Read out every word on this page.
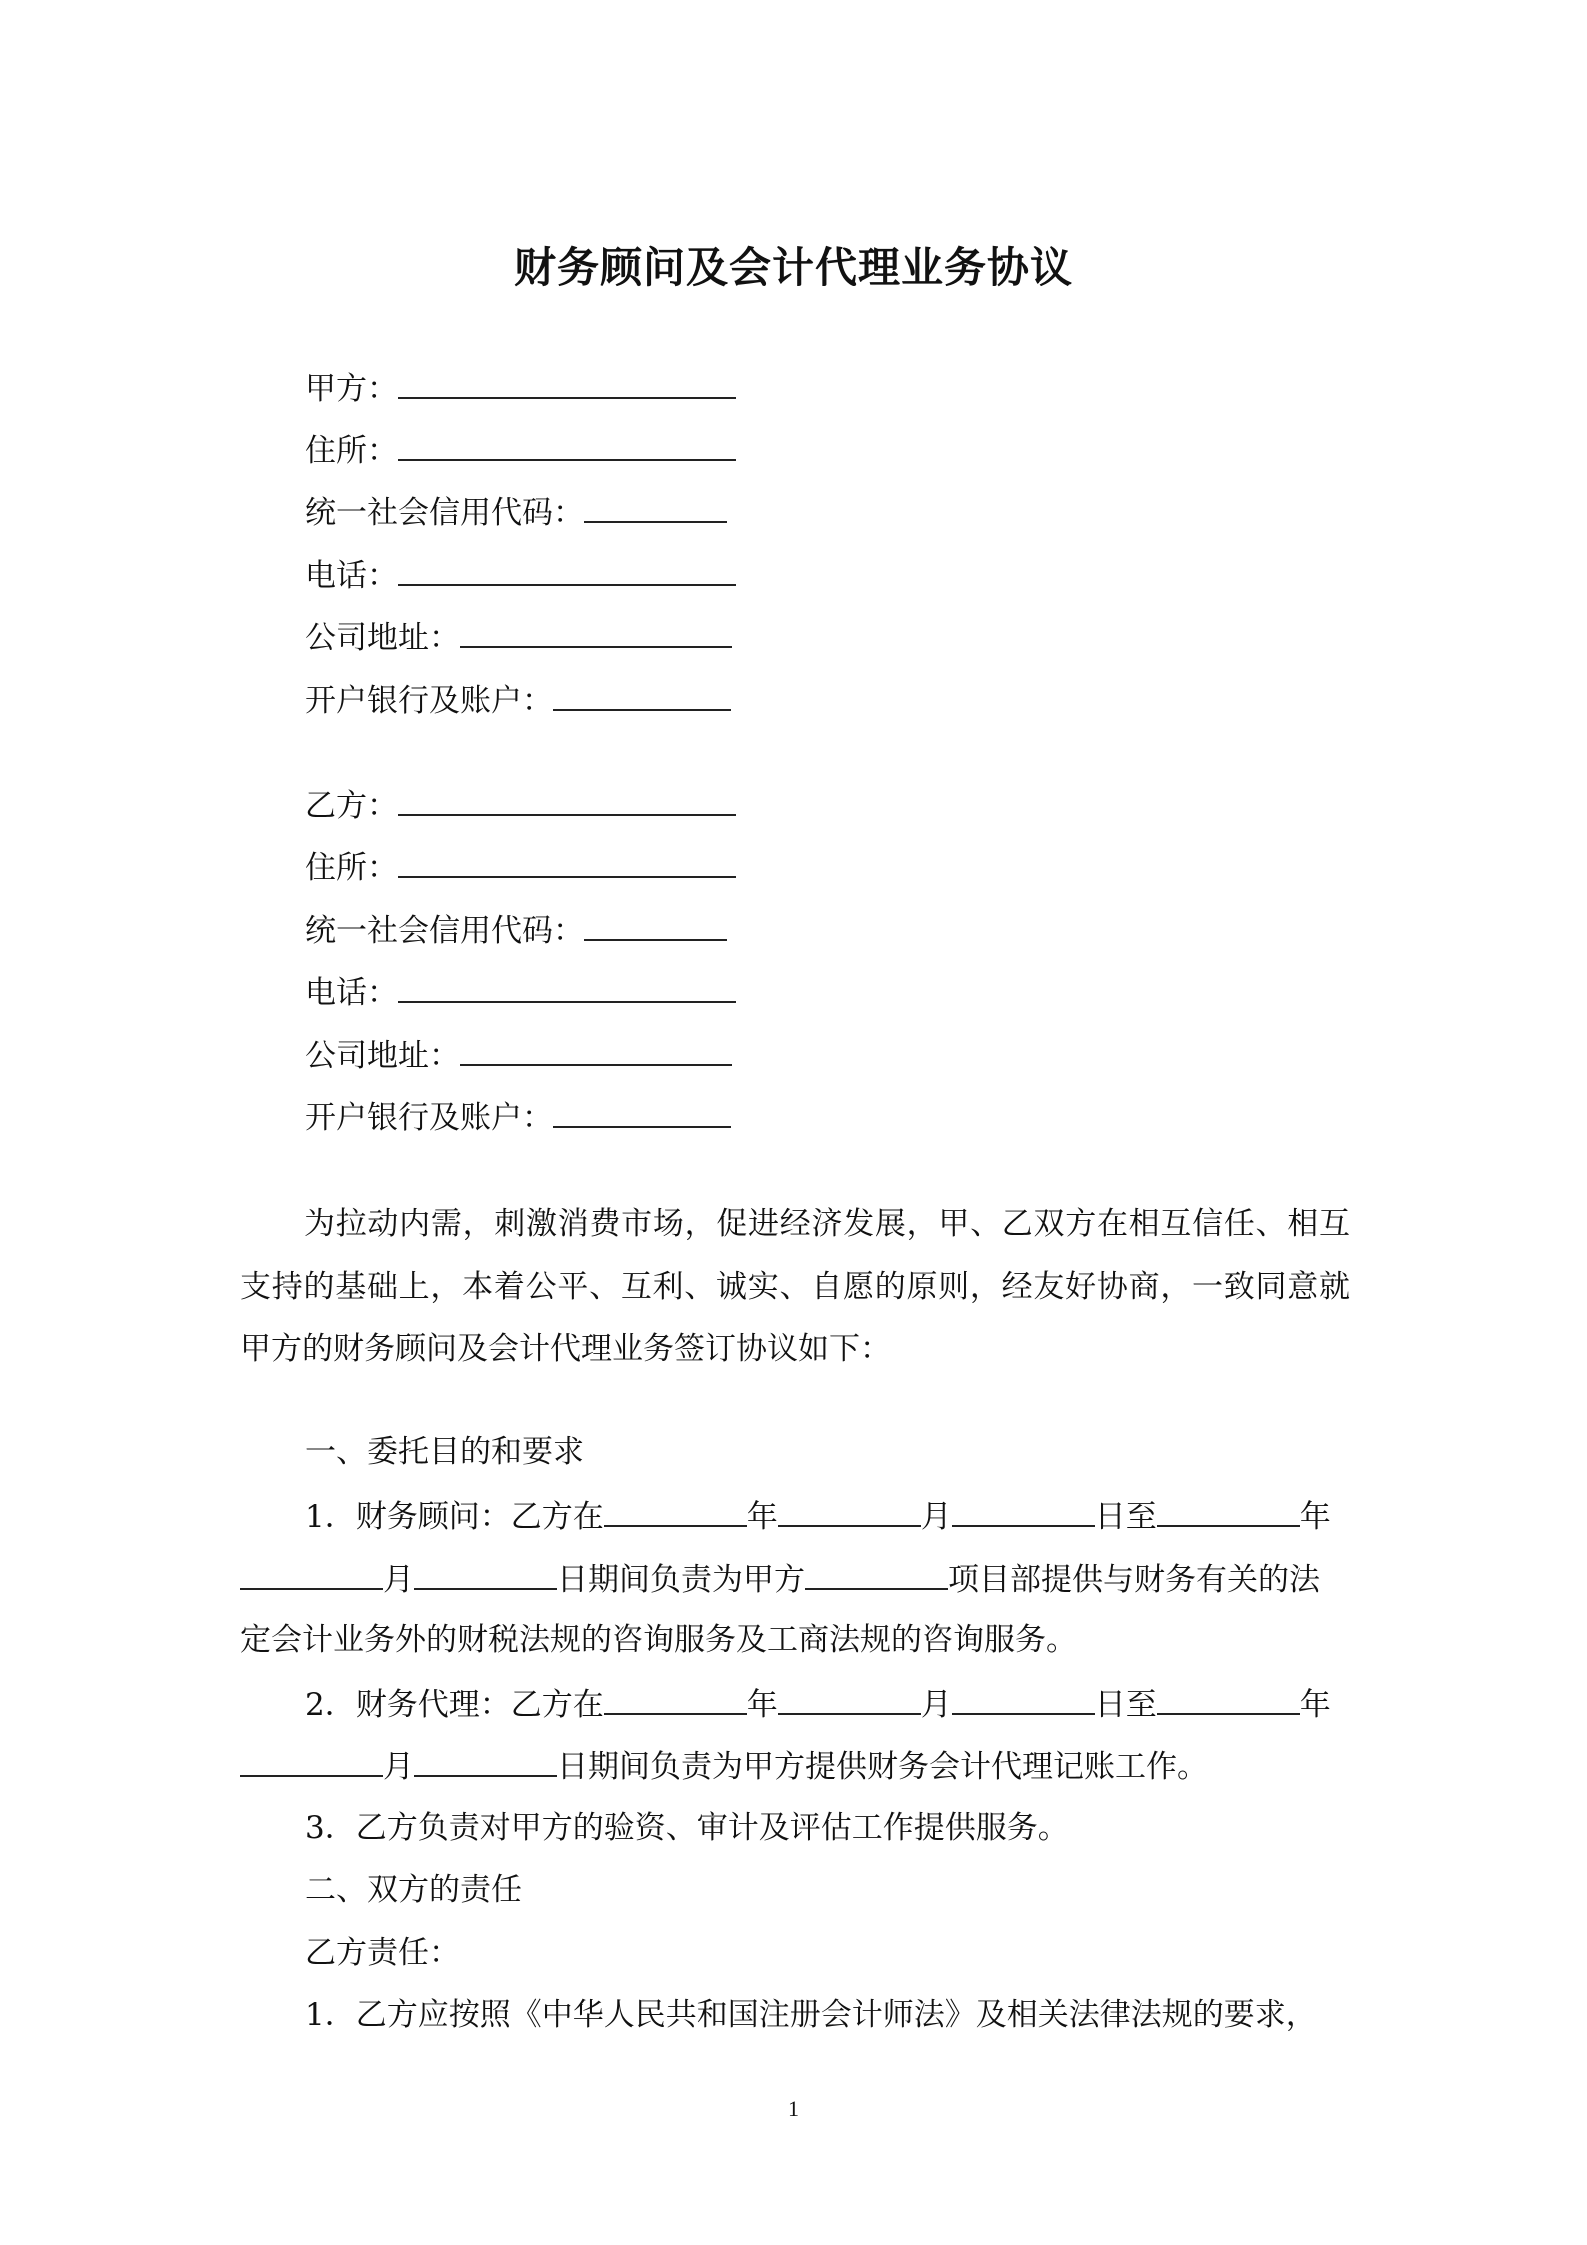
财务顾问及会计代理业务协议
甲方：
住所：
统一社会信用代码：
电话：
公司地址：
开户银行及账户：
乙方：
住所：
统一社会信用代码：
电话：
公司地址：
开户银行及账户：
为拉动内需，刺激消费市场，促进经济发展，甲、乙双方在相互信任、相互支持的基础上，本着公平、互利、诚实、自愿的原则，经友好协商，一致同意就甲方的财务顾问及会计代理业务签订协议如下：
一、委托目的和要求
1．财务顾问：乙方在	年	月	日至	年
月	日期间负责为甲方	项目部提供与财务有关的法
定会计业务外的财税法规的咨询服务及工商法规的咨询服务。
2．财务代理：乙方在	年	月	日至	年
月	日期间负责为甲方提供财务会计代理记账工作。
3．乙方负责对甲方的验资、审计及评估工作提供服务。
二、双方的责任
乙方责任：
1．乙方应按照《中华人民共和国注册会计师法》及相关法律法规的要求，
1
